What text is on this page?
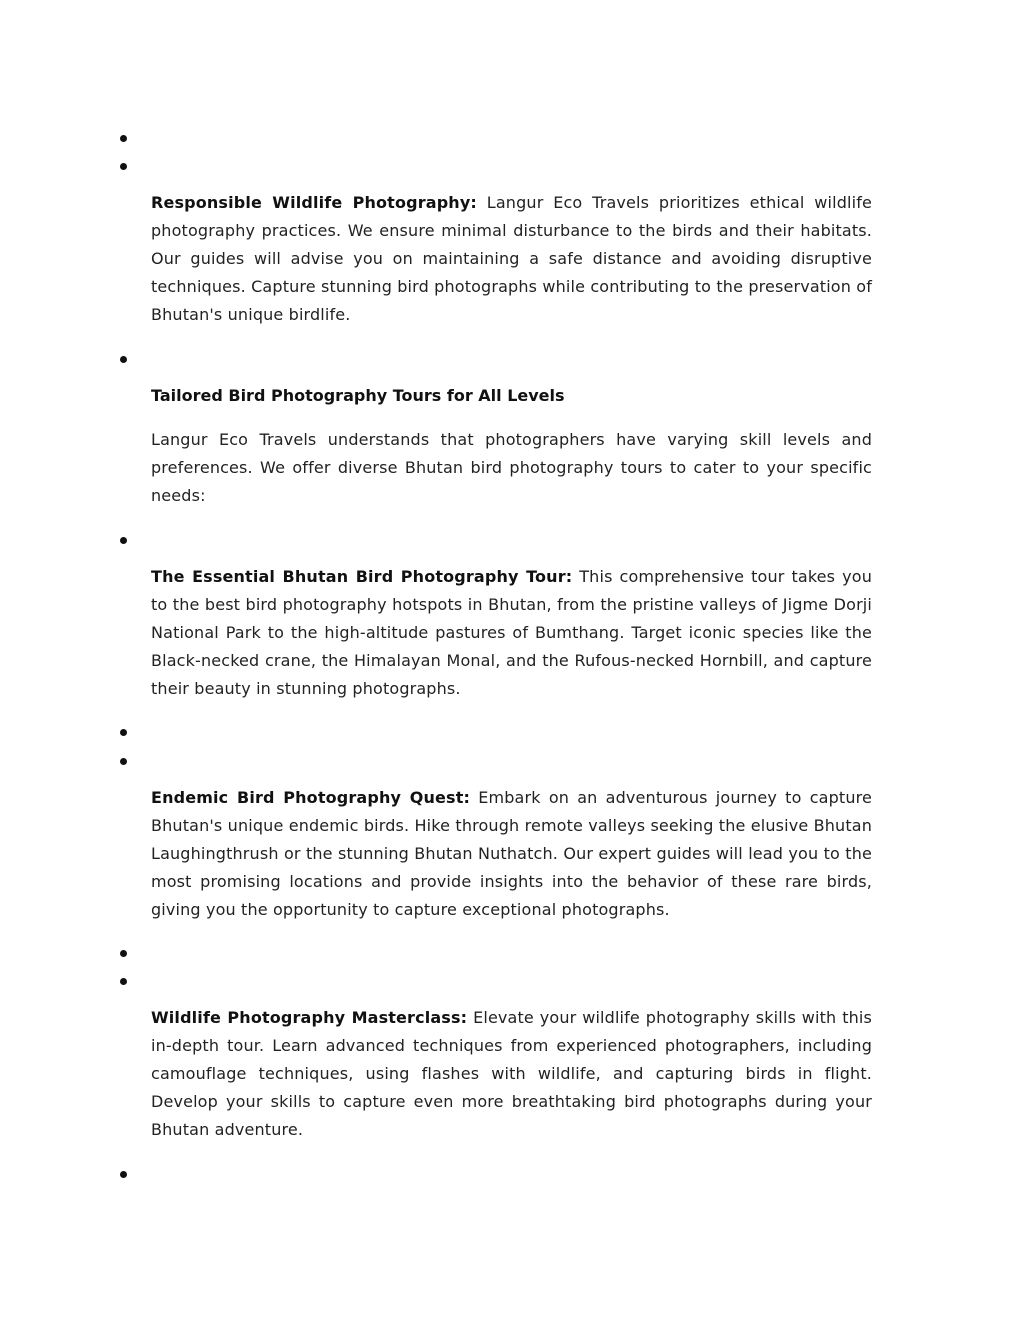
Responsible Wildlife Photography: Langur Eco Travels prioritizes ethical wildlife photography practices. We ensure minimal disturbance to the birds and their habitats. Our guides will advise you on maintaining a safe distance and avoiding disruptive techniques. Capture stunning bird photographs while contributing to the preservation of Bhutan's unique birdlife.

Tailored Bird Photography Tours for All Levels

Langur Eco Travels understands that photographers have varying skill levels and preferences. We offer diverse Bhutan bird photography tours to cater to your specific needs:

The Essential Bhutan Bird Photography Tour: This comprehensive tour takes you to the best bird photography hotspots in Bhutan, from the pristine valleys of Jigme Dorji National Park to the high-altitude pastures of Bumthang. Target iconic species like the Black-necked crane, the Himalayan Monal, and the Rufous-necked Hornbill, and capture their beauty in stunning photographs.

Endemic Bird Photography Quest: Embark on an adventurous journey to capture Bhutan's unique endemic birds. Hike through remote valleys seeking the elusive Bhutan Laughingthrush or the stunning Bhutan Nuthatch. Our expert guides will lead you to the most promising locations and provide insights into the behavior of these rare birds, giving you the opportunity to capture exceptional photographs.

Wildlife Photography Masterclass: Elevate your wildlife photography skills with this in-depth tour. Learn advanced techniques from experienced photographers, including camouflage techniques, using flashes with wildlife, and capturing birds in flight. Develop your skills to capture even more breathtaking bird photographs during your Bhutan adventure.
